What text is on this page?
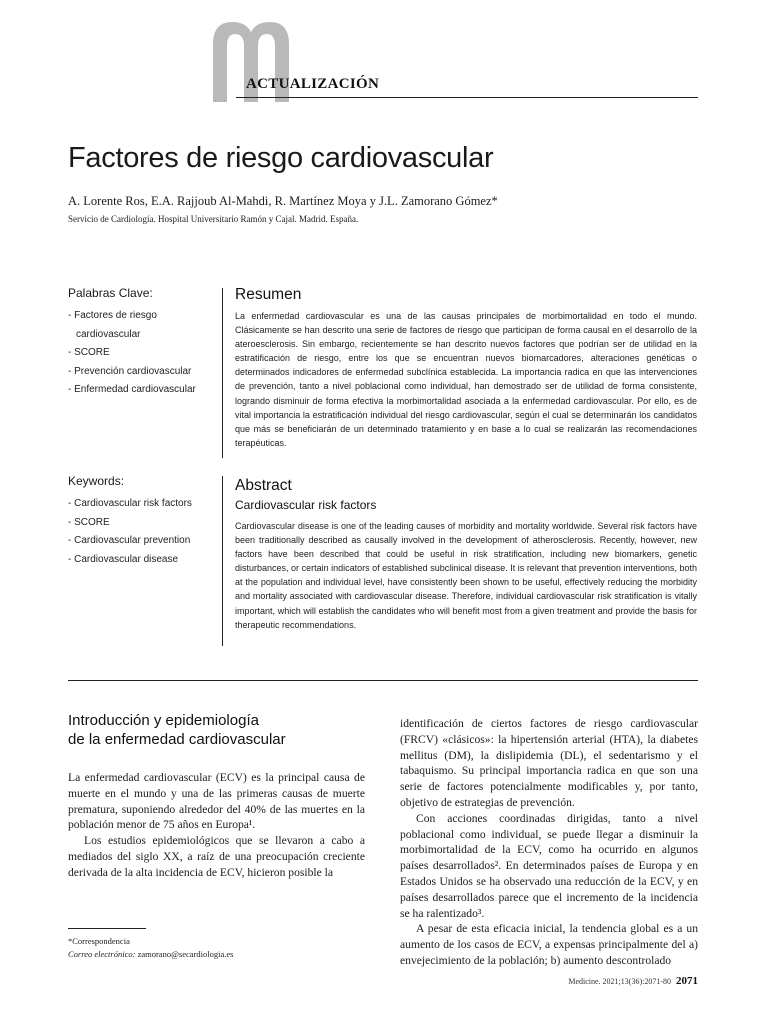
ACTUALIZACIÓN
Factores de riesgo cardiovascular
A. Lorente Ros, E.A. Rajjoub Al-Mahdi, R. Martínez Moya y J.L. Zamorano Gómez*
Servicio de Cardiología. Hospital Universitario Ramón y Cajal. Madrid. España.
Palabras Clave:
- Factores de riesgo
cardiovascular
- SCORE
- Prevención cardiovascular
- Enfermedad cardiovascular
Resumen

La enfermedad cardiovascular es una de las causas principales de morbimortalidad en todo el mundo. Clásicamente se han descrito una serie de factores de riesgo que participan de forma causal en el desarrollo de la ateroesclerosis. Sin embargo, recientemente se han descrito nuevos factores que podrían ser de utilidad en la estratificación de riesgo, entre los que se encuentran nuevos biomarcadores, alteraciones genéticas o determinados indicadores de enfermedad subclínica establecida. La importancia radica en que las intervenciones de prevención, tanto a nivel poblacional como individual, han demostrado ser de utilidad de forma consistente, logrando disminuir de forma efectiva la morbimortalidad asociada a la enfermedad cardiovascular. Por ello, es de vital importancia la estratificación individual del riesgo cardiovascular, según el cual se determinarán los candidatos que más se beneficiarán de un determinado tratamiento y en base a lo cual se realizarán las recomendaciones terapéuticas.

Keywords:
- Cardiovascular risk factors
- SCORE
- Cardiovascular prevention
- Cardiovascular disease
Abstract
Cardiovascular risk factors

Cardiovascular disease is one of the leading causes of morbidity and mortality worldwide. Several risk factors have been traditionally described as causally involved in the development of atherosclerosis. Recently, however, new factors have been described that could be useful in risk stratification, including new biomarkers, genetic disturbances, or certain indicators of established subclinical disease. It is relevant that prevention interventions, both at the population and individual level, have consistently been shown to be useful, effectively reducing the morbidity and mortality associated with cardiovascular disease. Therefore, individual cardiovascular risk stratification is vitally important, which will establish the candidates who will benefit most from a given treatment and provide the basis for therapeutic recommendations.

Introducción y epidemiología
de la enfermedad cardiovascular

La enfermedad cardiovascular (ECV) es la principal causa de muerte en el mundo y una de las primeras causas de muerte prematura, suponiendo alrededor del 40% de las muertes en la población menor de 75 años en Europa¹.

Los estudios epidemiológicos que se llevaron a cabo a mediados del siglo XX, a raíz de una preocupación creciente derivada de la alta incidencia de ECV, hicieron posible la

identificación de ciertos factores de riesgo cardiovascular (FRCV) «clásicos»: la hipertensión arterial (HTA), la diabetes mellitus (DM), la dislipidemia (DL), el sedentarismo y el tabaquismo. Su principal importancia radica en que son una serie de factores potencialmente modificables y, por tanto, objetivo de estrategias de prevención.

Con acciones coordinadas dirigidas, tanto a nivel poblacional como individual, se puede llegar a disminuir la morbimortalidad de la ECV, como ha ocurrido en algunos países desarrollados². En determinados países de Europa y en Estados Unidos se ha observado una reducción de la ECV, y en países desarrollados parece que el incremento de la incidencia se ha ralentizado³.

A pesar de esta eficacia inicial, la tendencia global es a un aumento de los casos de ECV, a expensas principalmente del a) envejecimiento de la población; b) aumento descontrolado

*Correspondencia
Correo electrónico: zamorano@secardiologia.es
Medicine. 2021;13(36):2071-80 2071
